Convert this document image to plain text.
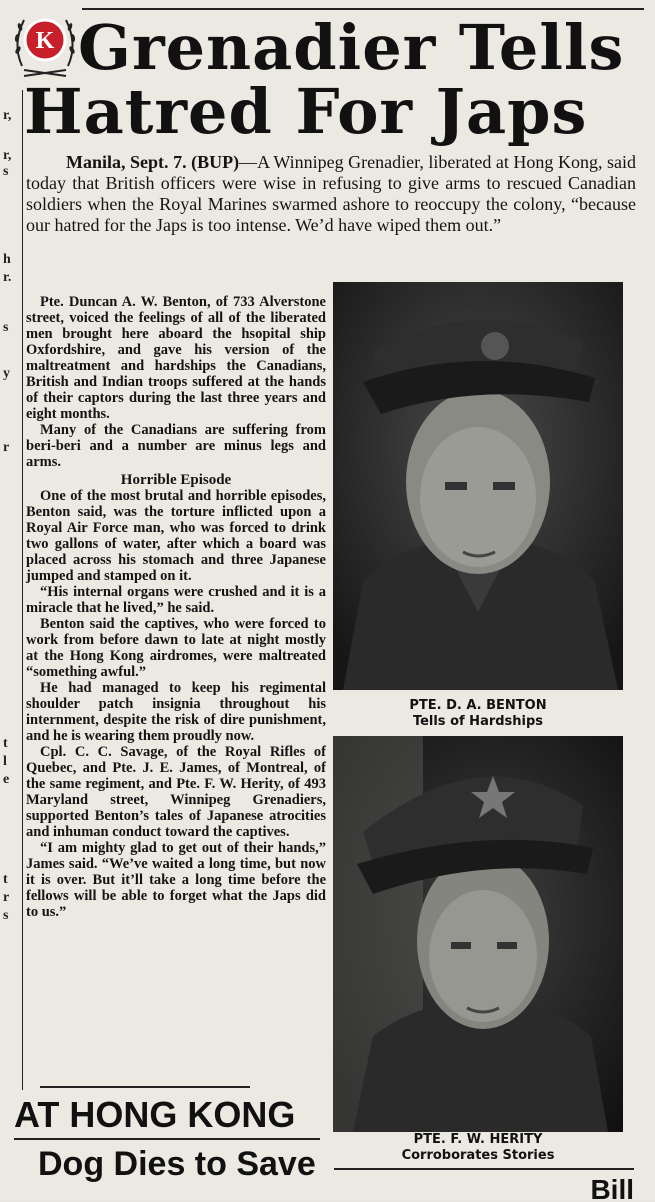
K Grenadier Tells
Hatred For Japs
r,
r,
s
h
r.
s
y
r
t
l
e
t
r
s
Manila, Sept. 7. (BUP)—A Winnipeg Grenadier, liberated at Hong Kong, said today that British officers were wise in refusing to give arms to rescued Canadian soldiers when the Royal Marines swarmed ashore to reoccupy the colony, “because our hatred for the Japs is too intense. We’d have wiped them out.”

Pte. Duncan A. W. Benton, of 733 Alverstone street, voiced the feelings of all of the liberated men brought here aboard the hsopital ship Oxfordshire, and gave his version of the maltreatment and hardships the Canadians, British and Indian troops suffered at the hands of their captors during the last three years and eight months.

Many of the Canadians are suffering from beri-beri and a number are minus legs and arms.

Horrible Episode

One of the most brutal and horrible episodes, Benton said, was the torture inflicted upon a Royal Air Force man, who was forced to drink two gallons of water, after which a board was placed across his stomach and three Japanese jumped and stamped on it.

“His internal organs were crushed and it is a miracle that he lived,” he said.

Benton said the captives, who were forced to work from before dawn to late at night mostly at the Hong Kong airdromes, were maltreated “something awful.”

He had managed to keep his regimental shoulder patch insignia throughout his internment, despite the risk of dire punishment, and he is wearing them proudly now.

Cpl. C. C. Savage, of the Royal Rifles of Quebec, and Pte. J. E. James, of Montreal, of the same regiment, and Pte. F. W. Herity, of 493 Maryland street, Winnipeg Grenadiers, supported Benton’s tales of Japanese atrocities and inhuman conduct toward the captives.

“I am mighty glad to get out of their hands,” James said. “We’ve waited a long time, but now it is over. But it’ll take a long time before the fellows will be able to forget what the Japs did to us.”

PTE. D. A. BENTON
Tells of Hardships
PTE. F. W. HERITY
Corroborates Stories
AT HONG KONG
Dog Dies to Save
Bill
